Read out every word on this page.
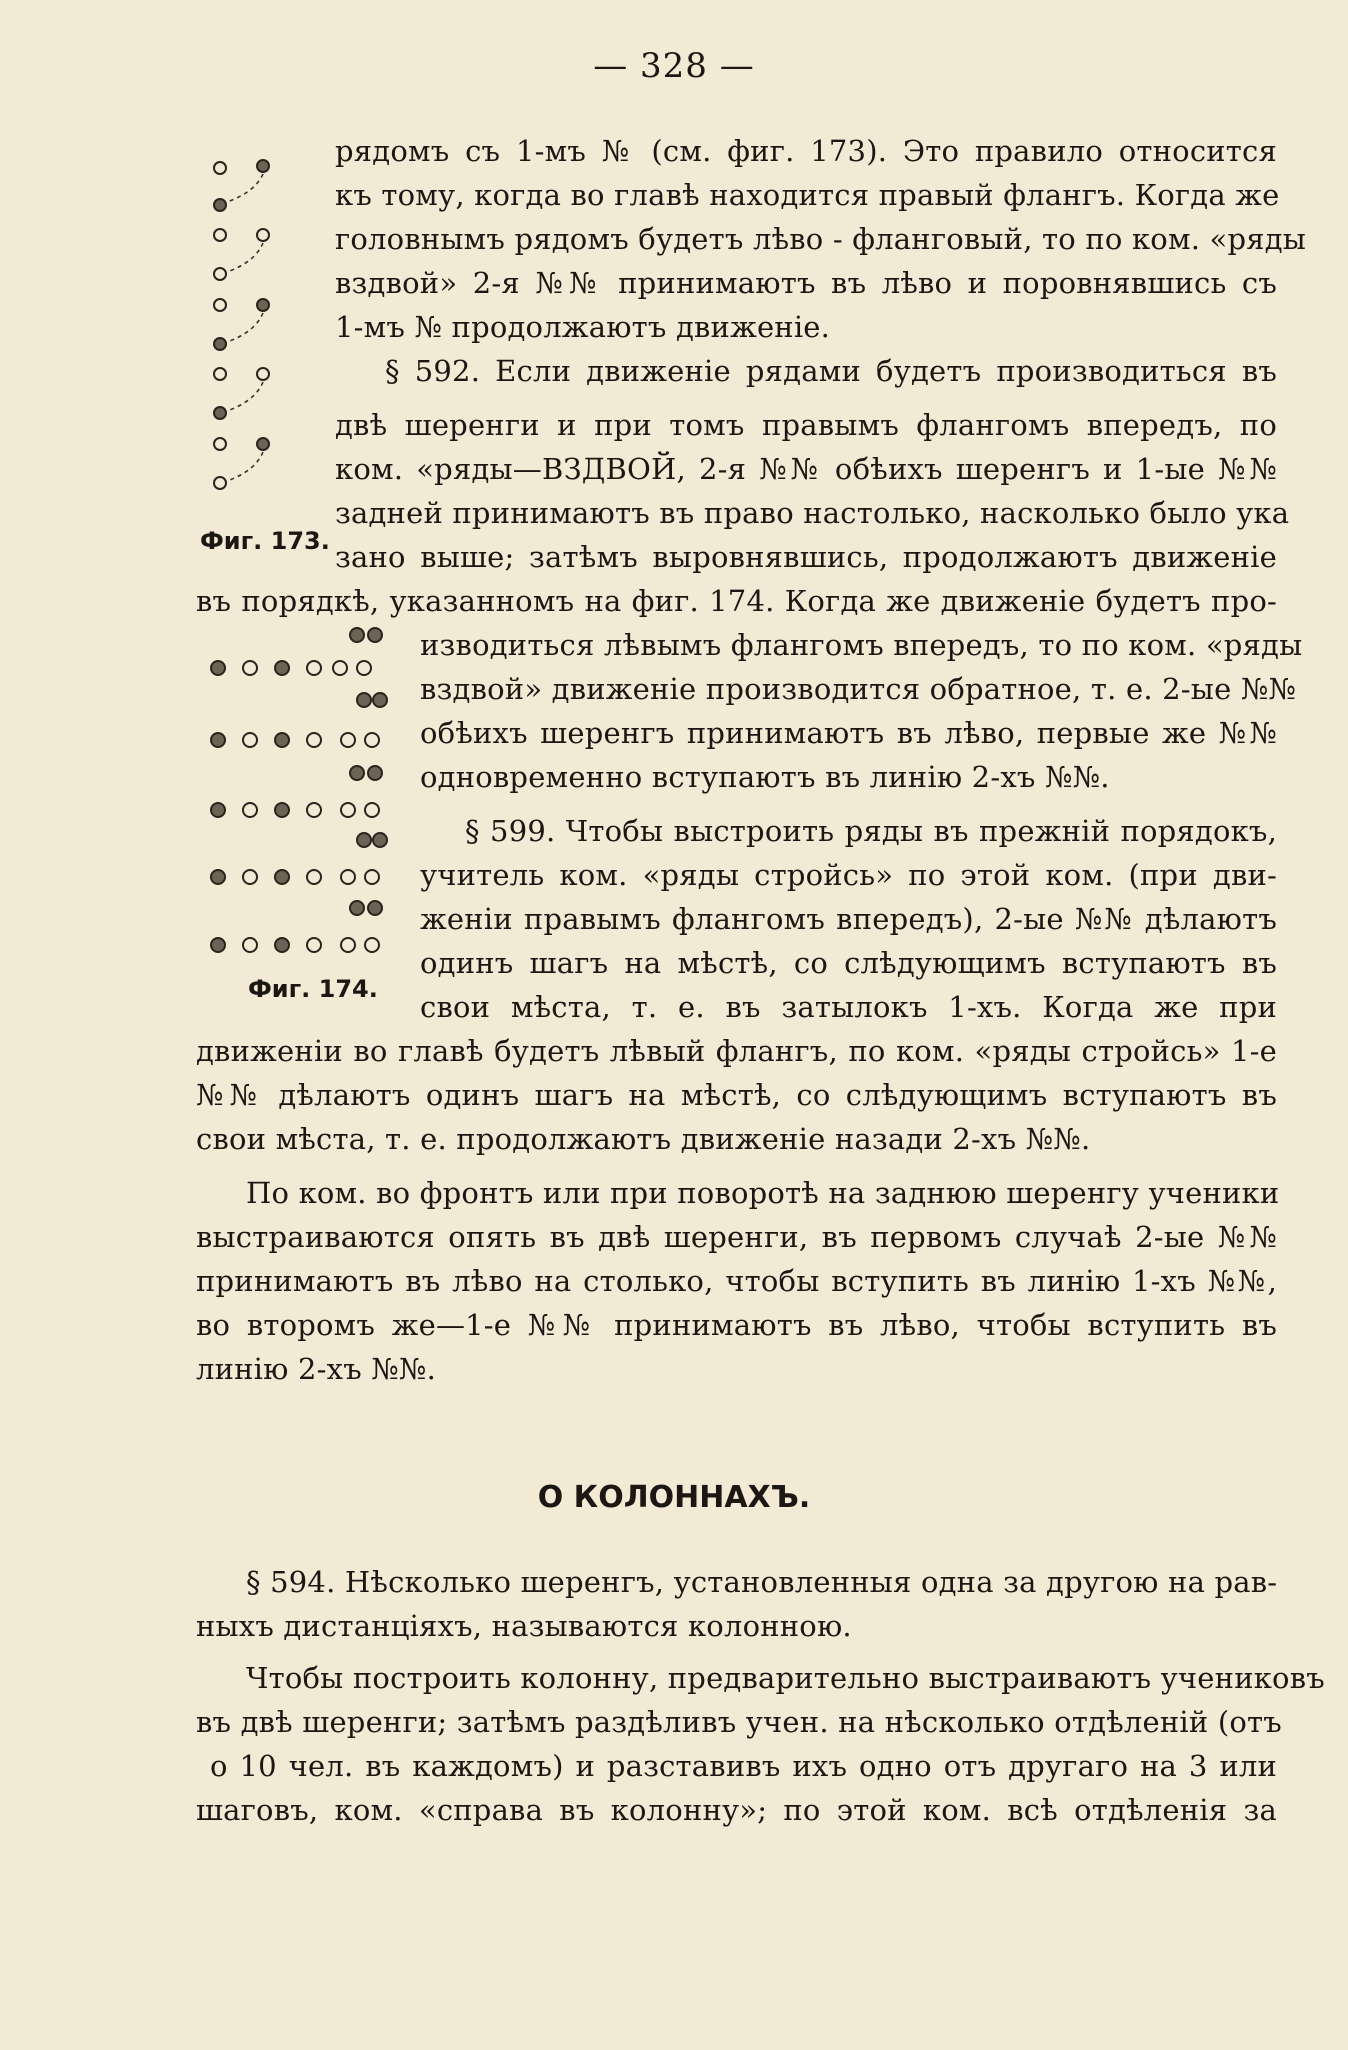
— 328 —
Фиг. 173.
Фиг. 174.
рядомъ съ 1-мъ № (см. фиг. 173). Это правило относится
къ тому, когда во главѣ находится правый флангъ. Когда же
головнымъ рядомъ будетъ лѣво - фланговый, то по ком. «ряды
вздвой» 2-я №№ принимаютъ въ лѣво и поровнявшись съ
1-мъ № продолжаютъ движеніе.
§ 592. Если движеніе рядами будетъ производиться въ
двѣ шеренги и при томъ правымъ флангомъ впередъ, по
ком. «ряды—ВЗДВОЙ, 2-я №№ обѣихъ шеренгъ и 1-ые №№
задней принимаютъ въ право настолько, насколько было ука
зано выше; затѣмъ выровнявшись, продолжаютъ движеніе
въ порядкѣ, указанномъ на фиг. 174. Когда же движеніе будетъ про-
изводиться лѣвымъ флангомъ впередъ, то по ком. «ряды
вздвой» движеніе производится обратное, т. е. 2-ые №№
обѣихъ шеренгъ принимаютъ въ лѣво, первые же №№
одновременно вступаютъ въ линію 2-хъ №№.
§ 599. Чтобы выстроить ряды въ прежній порядокъ,
учитель ком. «ряды стройсь» по этой ком. (при дви-
женіи правымъ флангомъ впередъ), 2-ые №№ дѣлаютъ
одинъ шагъ на мѣстѣ, со слѣдующимъ вступаютъ въ
свои мѣста, т. е. въ затылокъ 1-хъ. Когда же при
движеніи во главѣ будетъ лѣвый флангъ, по ком. «ряды стройсь» 1-е
№№ дѣлаютъ одинъ шагъ на мѣстѣ, со слѣдующимъ вступаютъ въ
свои мѣста, т. е. продолжаютъ движеніе назади 2-хъ №№.
По ком. во фронтъ или при поворотѣ на заднюю шеренгу ученики
выстраиваются опять въ двѣ шеренги, въ первомъ случаѣ 2-ые №№
принимаютъ въ лѣво на столько, чтобы вступить въ линію 1-хъ №№,
во второмъ же—1-е №№ принимаютъ въ лѣво, чтобы вступить въ
линію 2-хъ №№.
О КОЛОННАХЪ.
§ 594. Нѣсколько шеренгъ, установленныя одна за другою на рав-
ныхъ дистанціяхъ, называются колонною.
Чтобы построить колонну, предварительно выстраиваютъ учениковъ
въ двѣ шеренги; затѣмъ раздѣливъ учен. на нѣсколько отдѣленій (отъ
о 10 чел. въ каждомъ) и разставивъ ихъ одно отъ другаго на 3 или
шаговъ, ком. «справа въ колонну»; по этой ком. всѣ отдѣленія за
